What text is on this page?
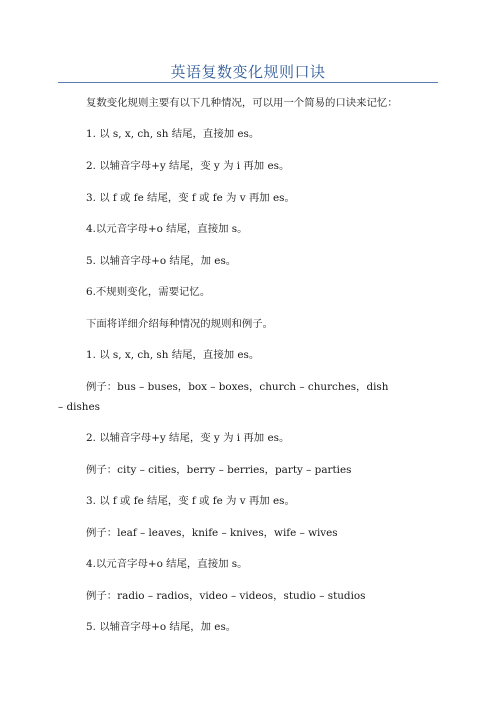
英语复数变化规则口诀
复数变化规则主要有以下几种情况，可以用一个简易的口诀来记忆：
1. 以 s, x, ch, sh 结尾，直接加 es。
2. 以辅音字母+y 结尾，变 y 为 i 再加 es。
3. 以 f 或 fe 结尾，变 f 或 fe 为 v 再加 es。
4.以元音字母+o 结尾，直接加 s。
5. 以辅音字母+o 结尾，加 es。
6.不规则变化，需要记忆。
下面将详细介绍每种情况的规则和例子。
1. 以 s, x, ch, sh 结尾，直接加 es。
例子：bus – buses，box – boxes，church – churches，dish
– dishes
2. 以辅音字母+y 结尾，变 y 为 i 再加 es。
例子：city – cities，berry – berries，party – parties
3. 以 f 或 fe 结尾，变 f 或 fe 为 v 再加 es。
例子：leaf – leaves，knife – knives，wife – wives
4.以元音字母+o 结尾，直接加 s。
例子：radio – radios，video – videos，studio – studios
5. 以辅音字母+o 结尾，加 es。
